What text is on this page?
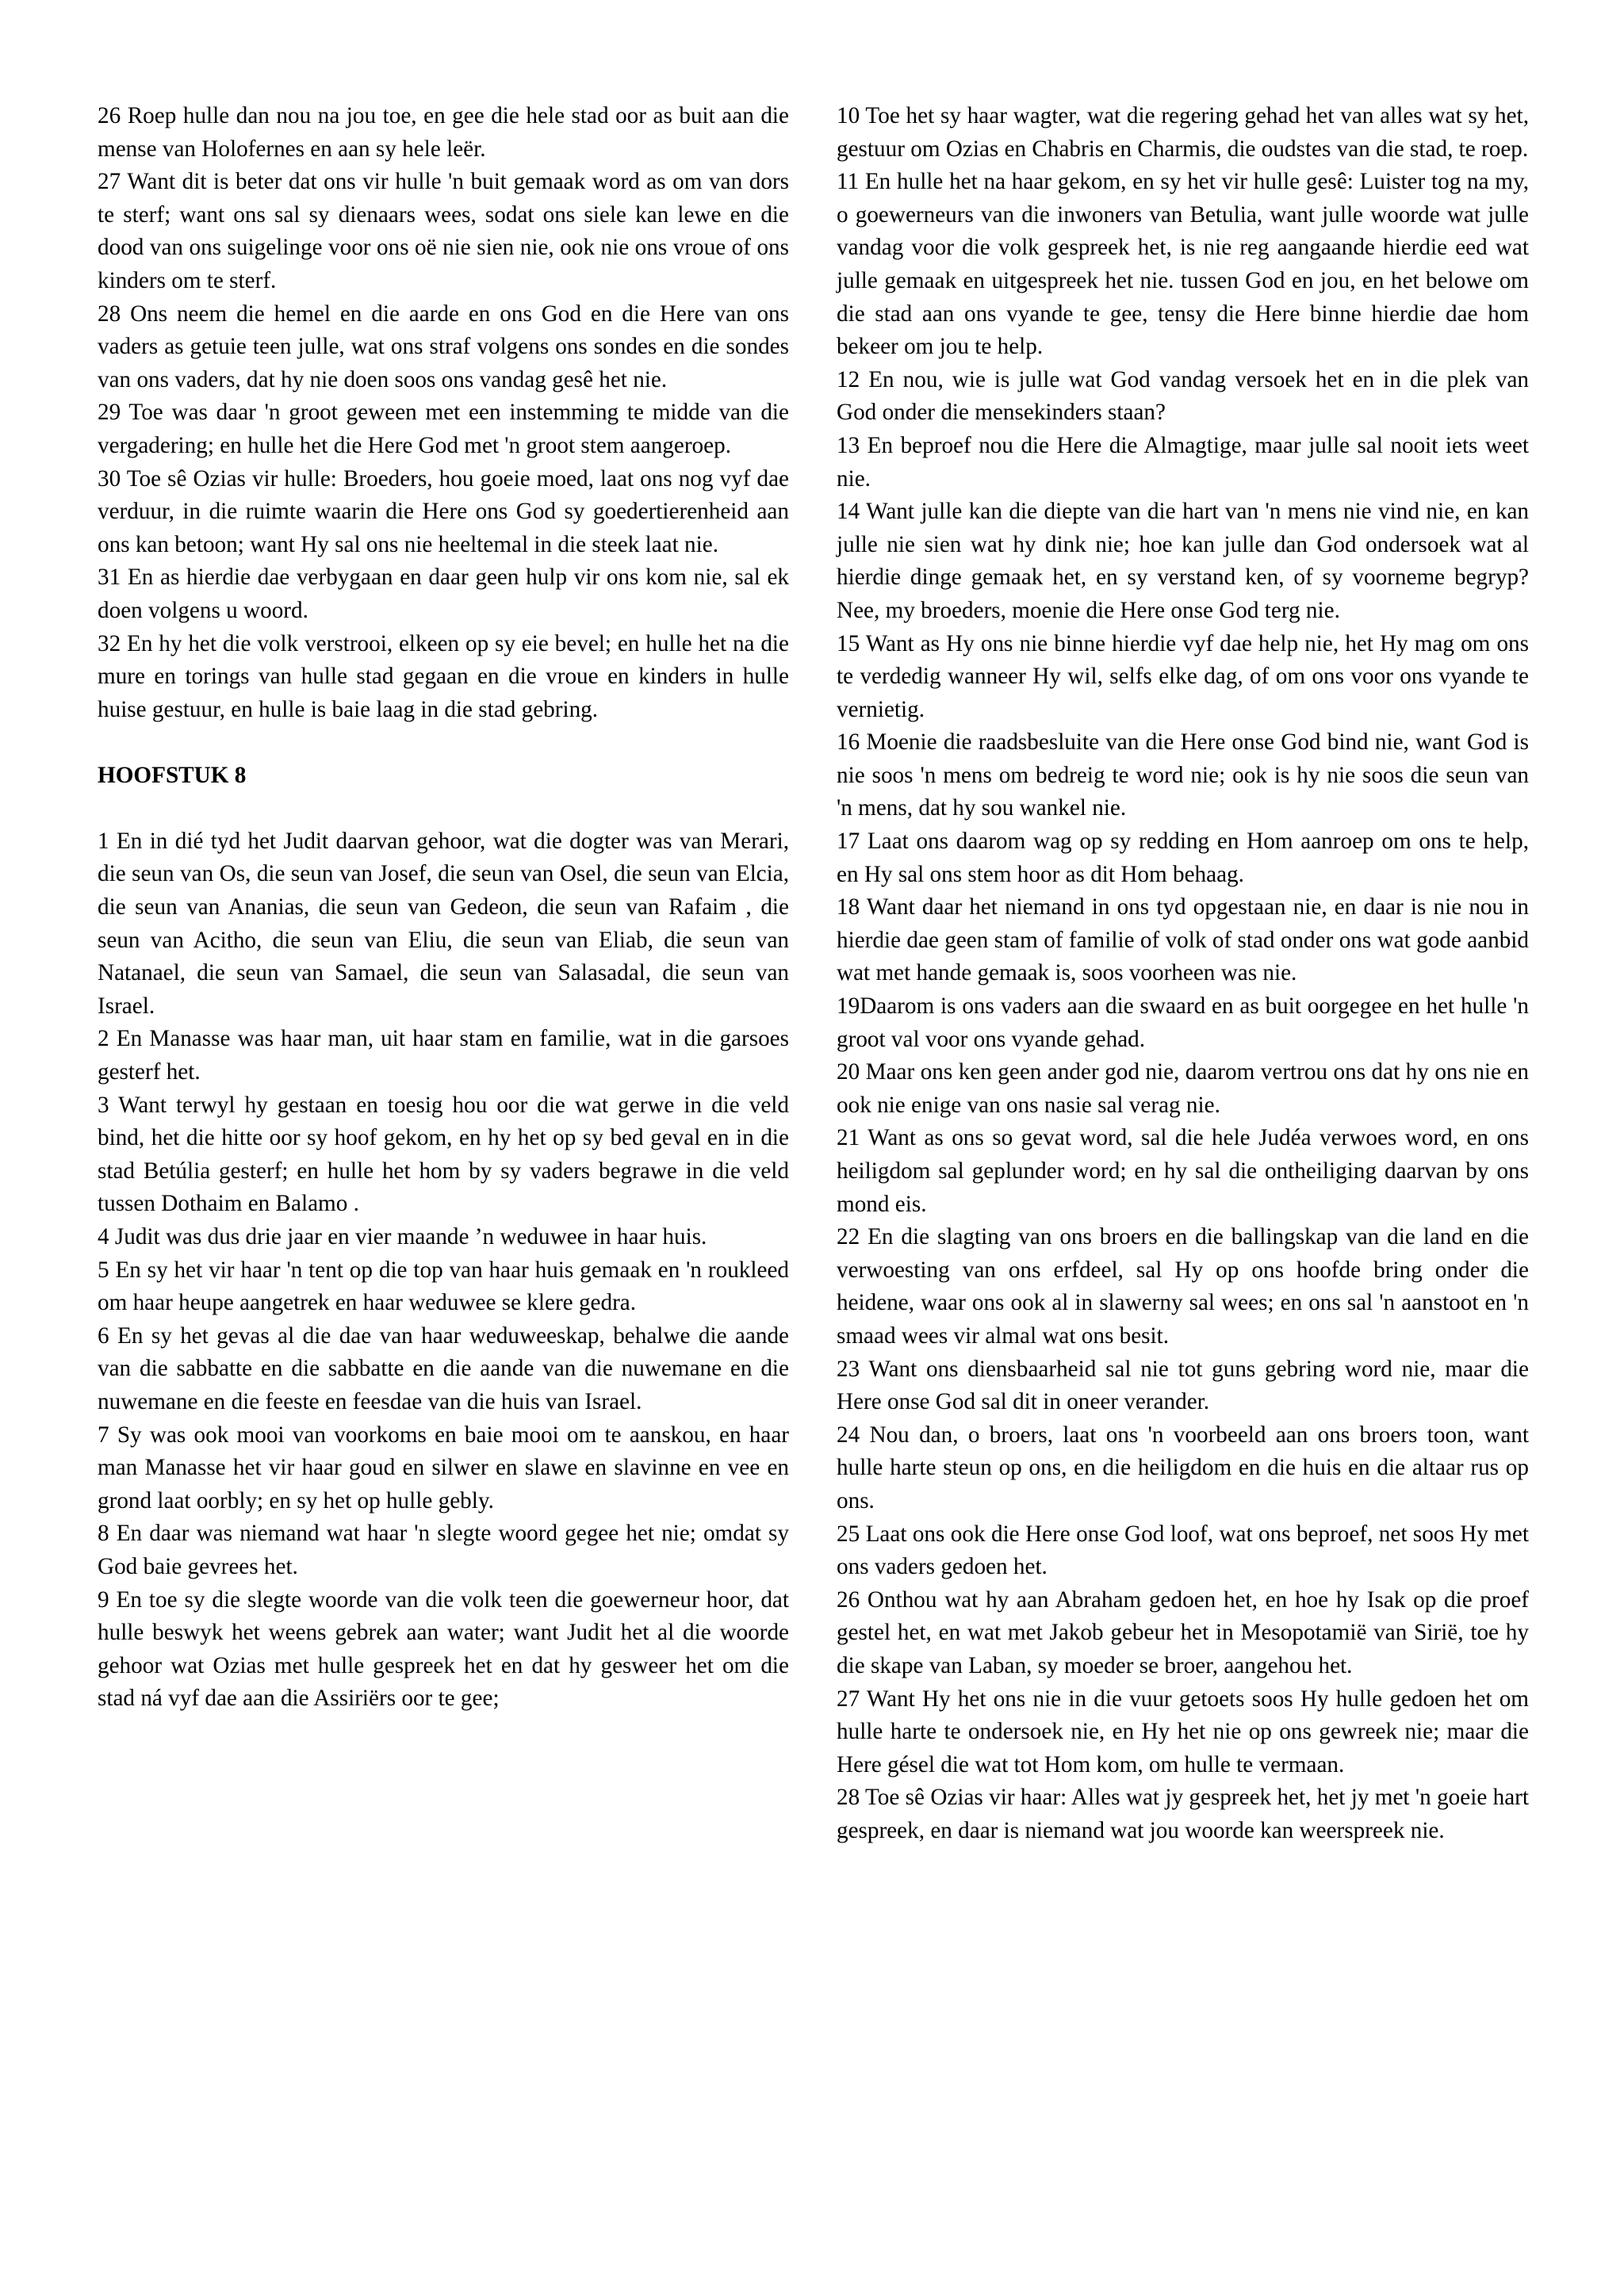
26 Roep hulle dan nou na jou toe, en gee die hele stad oor as buit aan die mense van Holofernes en aan sy hele leër.

27 Want dit is beter dat ons vir hulle 'n buit gemaak word as om van dors te sterf; want ons sal sy dienaars wees, sodat ons siele kan lewe en die dood van ons suigelinge voor ons oë nie sien nie, ook nie ons vroue of ons kinders om te sterf.

28 Ons neem die hemel en die aarde en ons God en die Here van ons vaders as getuie teen julle, wat ons straf volgens ons sondes en die sondes van ons vaders, dat hy nie doen soos ons vandag gesê het nie.

29 Toe was daar 'n groot geween met een instemming te midde van die vergadering; en hulle het die Here God met 'n groot stem aangeroep.

30 Toe sê Ozias vir hulle: Broeders, hou goeie moed, laat ons nog vyf dae verduur, in die ruimte waarin die Here ons God sy goedertierenheid aan ons kan betoon; want Hy sal ons nie heeltemal in die steek laat nie.

31 En as hierdie dae verbygaan en daar geen hulp vir ons kom nie, sal ek doen volgens u woord.

32 En hy het die volk verstrooi, elkeen op sy eie bevel; en hulle het na die mure en torings van hulle stad gegaan en die vroue en kinders in hulle huise gestuur, en hulle is baie laag in die stad gebring.

HOOFSTUK 8

1 En in dié tyd het Judit daarvan gehoor, wat die dogter was van Merari, die seun van Os, die seun van Josef, die seun van Osel, die seun van Elcia, die seun van Ananias, die seun van Gedeon, die seun van Rafaim , die seun van Acitho, die seun van Eliu, die seun van Eliab, die seun van Natanael, die seun van Samael, die seun van Salasadal, die seun van Israel.

2 En Manasse was haar man, uit haar stam en familie, wat in die garsoes gesterf het.

3 Want terwyl hy gestaan en toesig hou oor die wat gerwe in die veld bind, het die hitte oor sy hoof gekom, en hy het op sy bed geval en in die stad Betúlia gesterf; en hulle het hom by sy vaders begrawe in die veld tussen Dothaim en Balamo .

4 Judit was dus drie jaar en vier maande ’n weduwee in haar huis.

5 En sy het vir haar 'n tent op die top van haar huis gemaak en 'n roukleed om haar heupe aangetrek en haar weduwee se klere gedra.

6 En sy het gevas al die dae van haar weduweeskap, behalwe die aande van die sabbatte en die sabbatte en die aande van die nuwemane en die nuwemane en die feeste en feesdae van die huis van Israel.

7 Sy was ook mooi van voorkoms en baie mooi om te aanskou, en haar man Manasse het vir haar goud en silwer en slawe en slavinne en vee en grond laat oorbly; en sy het op hulle gebly.

8 En daar was niemand wat haar 'n slegte woord gegee het nie; omdat sy God baie gevrees het.

9 En toe sy die slegte woorde van die volk teen die goewerneur hoor, dat hulle beswyk het weens gebrek aan water; want Judit het al die woorde gehoor wat Ozias met hulle gespreek het en dat hy gesweer het om die stad ná vyf dae aan die Assiriërs oor te gee;

10 Toe het sy haar wagter, wat die regering gehad het van alles wat sy het, gestuur om Ozias en Chabris en Charmis, die oudstes van die stad, te roep.

11 En hulle het na haar gekom, en sy het vir hulle gesê: Luister tog na my, o goewerneurs van die inwoners van Betulia, want julle woorde wat julle vandag voor die volk gespreek het, is nie reg aangaande hierdie eed wat julle gemaak en uitgespreek het nie. tussen God en jou, en het belowe om die stad aan ons vyande te gee, tensy die Here binne hierdie dae hom bekeer om jou te help.

12 En nou, wie is julle wat God vandag versoek het en in die plek van God onder die mensekinders staan?

13 En beproef nou die Here die Almagtige, maar julle sal nooit iets weet nie.

14 Want julle kan die diepte van die hart van 'n mens nie vind nie, en kan julle nie sien wat hy dink nie; hoe kan julle dan God ondersoek wat al hierdie dinge gemaak het, en sy verstand ken, of sy voorneme begryp? Nee, my broeders, moenie die Here onse God terg nie.

15 Want as Hy ons nie binne hierdie vyf dae help nie, het Hy mag om ons te verdedig wanneer Hy wil, selfs elke dag, of om ons voor ons vyande te vernietig.

16 Moenie die raadsbesluite van die Here onse God bind nie, want God is nie soos 'n mens om bedreig te word nie; ook is hy nie soos die seun van 'n mens, dat hy sou wankel nie.

17 Laat ons daarom wag op sy redding en Hom aanroep om ons te help, en Hy sal ons stem hoor as dit Hom behaag.

18 Want daar het niemand in ons tyd opgestaan nie, en daar is nie nou in hierdie dae geen stam of familie of volk of stad onder ons wat gode aanbid wat met hande gemaak is, soos voorheen was nie.

19Daarom is ons vaders aan die swaard en as buit oorgegee en het hulle 'n groot val voor ons vyande gehad.

20 Maar ons ken geen ander god nie, daarom vertrou ons dat hy ons nie en ook nie enige van ons nasie sal verag nie.

21 Want as ons so gevat word, sal die hele Judéa verwoes word, en ons heiligdom sal geplunder word; en hy sal die ontheiliging daarvan by ons mond eis.

22 En die slagting van ons broers en die ballingskap van die land en die verwoesting van ons erfdeel, sal Hy op ons hoofde bring onder die heidene, waar ons ook al in slawerny sal wees; en ons sal 'n aanstoot en 'n smaad wees vir almal wat ons besit.

23 Want ons diensbaarheid sal nie tot guns gebring word nie, maar die Here onse God sal dit in oneer verander.

24 Nou dan, o broers, laat ons 'n voorbeeld aan ons broers toon, want hulle harte steun op ons, en die heiligdom en die huis en die altaar rus op ons.

25 Laat ons ook die Here onse God loof, wat ons beproef, net soos Hy met ons vaders gedoen het.

26 Onthou wat hy aan Abraham gedoen het, en hoe hy Isak op die proef gestel het, en wat met Jakob gebeur het in Mesopotamië van Sirië, toe hy die skape van Laban, sy moeder se broer, aangehou het.

27 Want Hy het ons nie in die vuur getoets soos Hy hulle gedoen het om hulle harte te ondersoek nie, en Hy het nie op ons gewreek nie; maar die Here gésel die wat tot Hom kom, om hulle te vermaan.

28 Toe sê Ozias vir haar: Alles wat jy gespreek het, het jy met 'n goeie hart gespreek, en daar is niemand wat jou woorde kan weerspreek nie.
